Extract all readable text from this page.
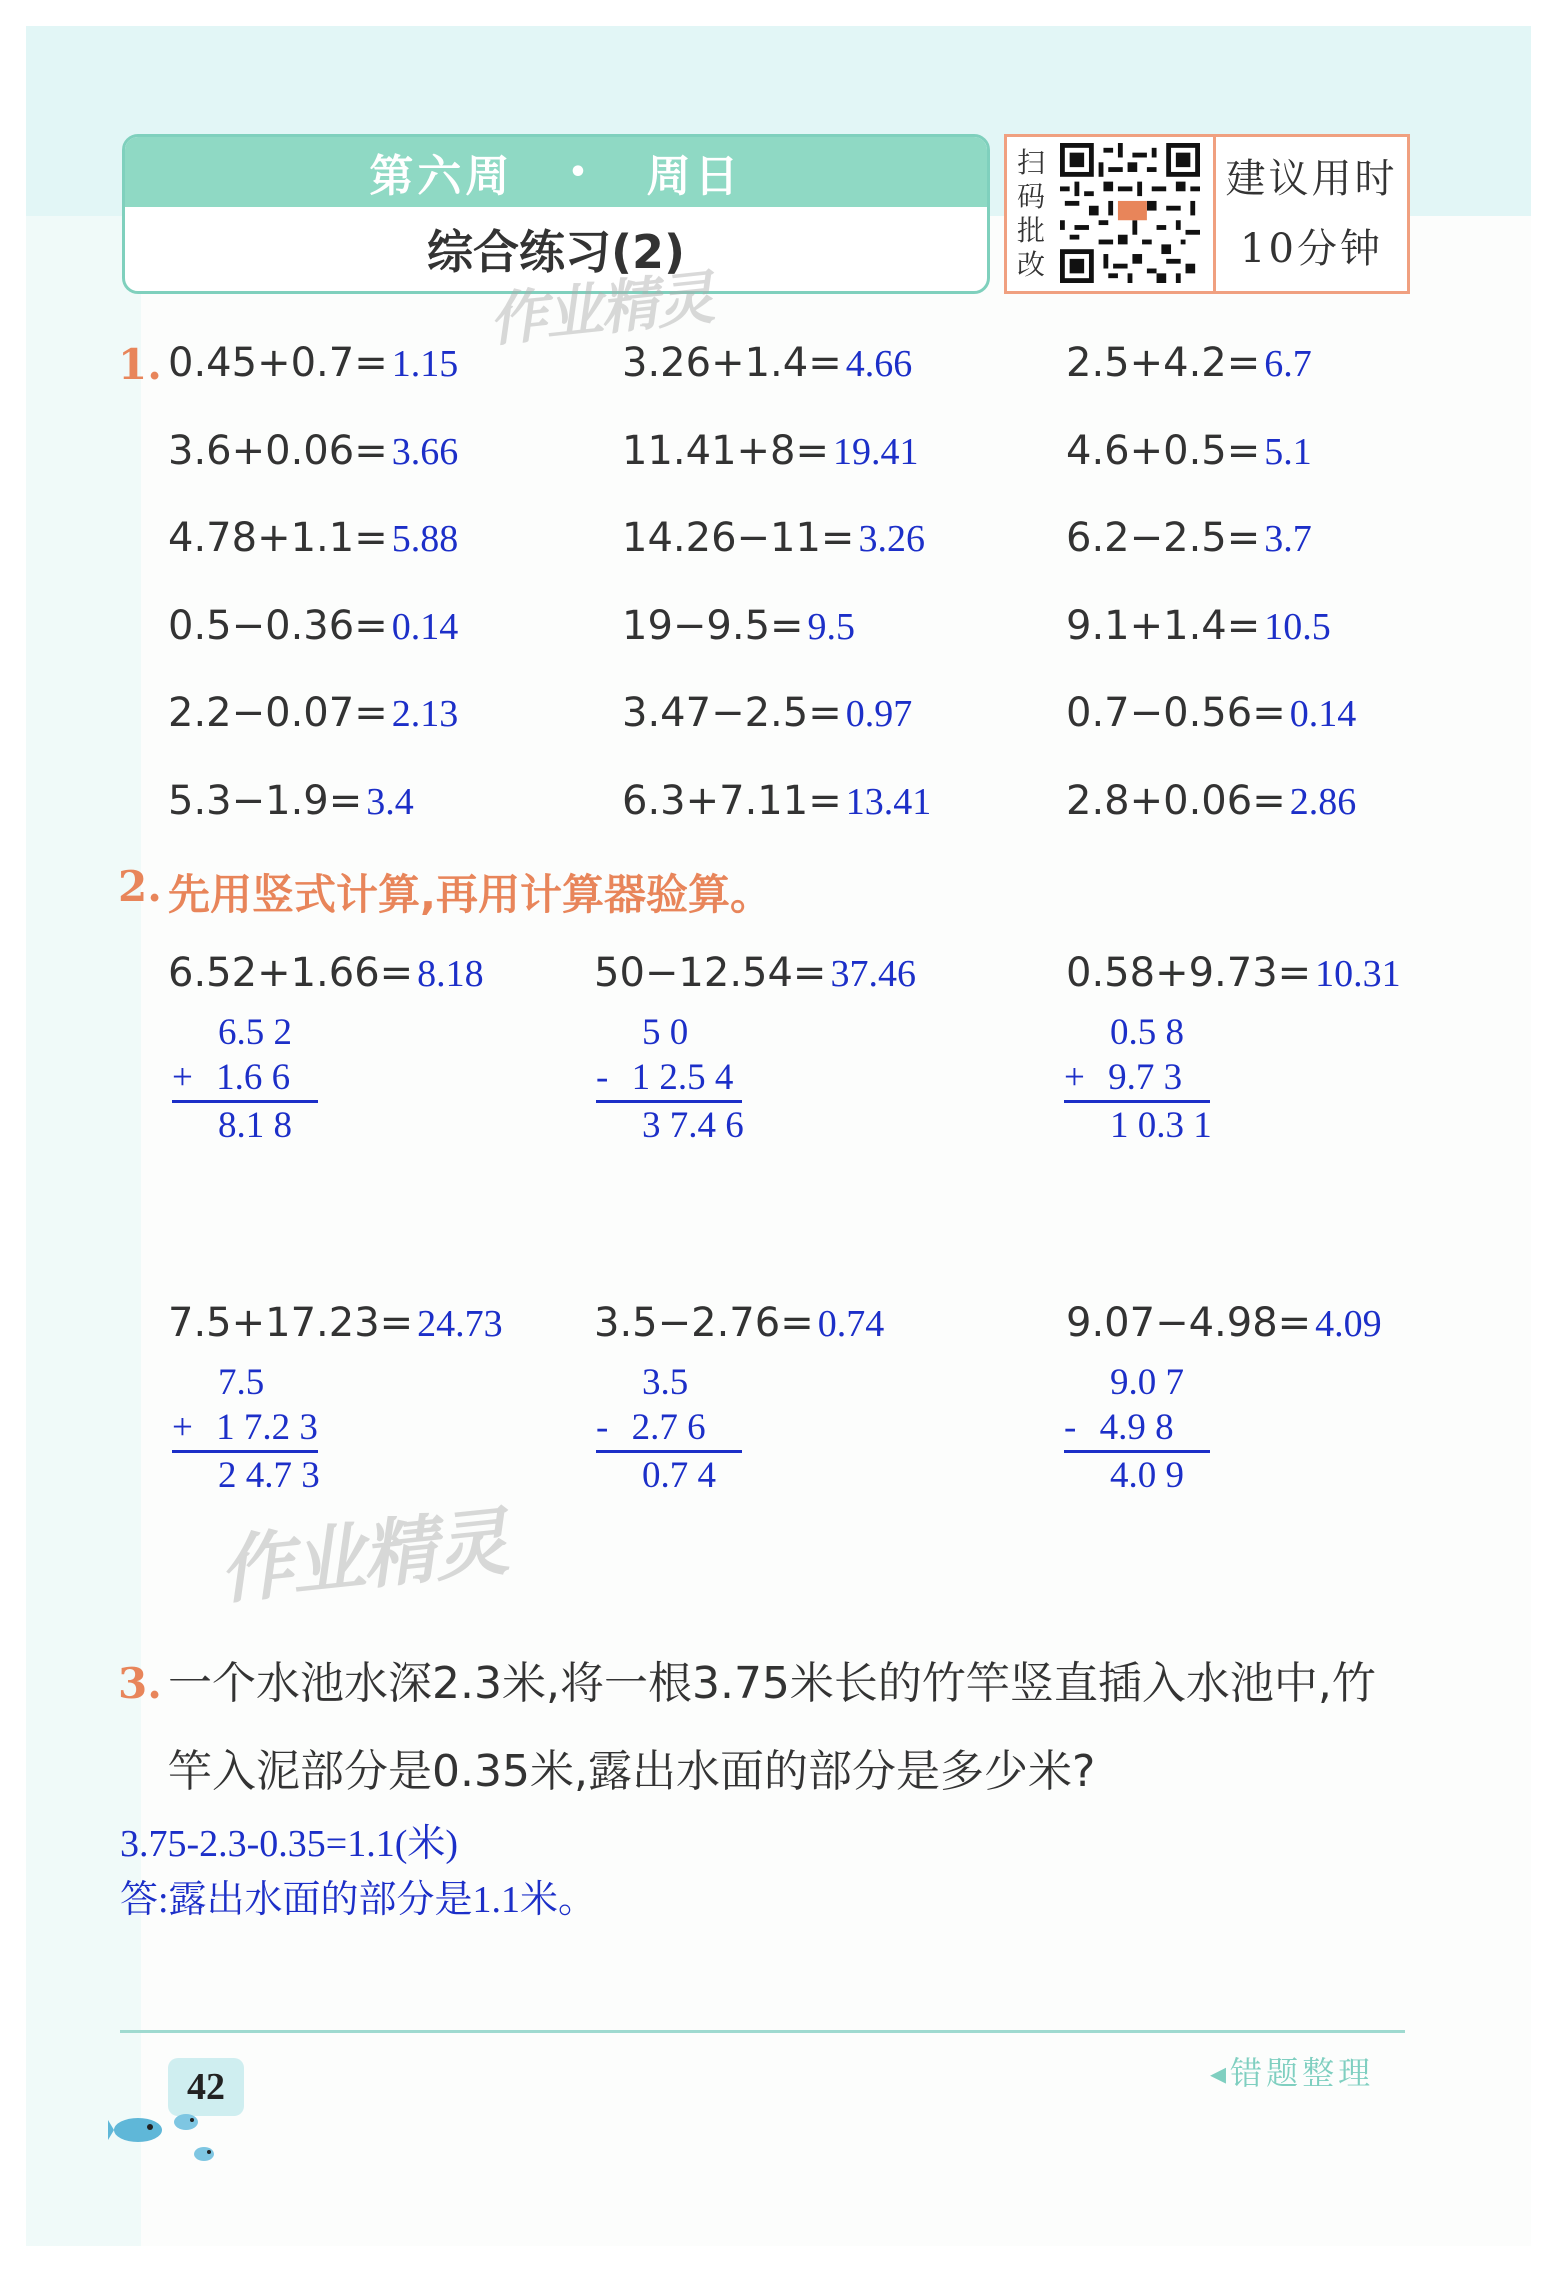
第六周 • 周日
综合练习(2)
扫
码
批
改
建议用时
10分钟
作业精灵
作业精灵
1. 0.45+0.7= 1.15	3.26+1.4= 4.66	2.5+4.2= 6.7
3.6+0.06= 3.66	11.41+8= 19.41	4.6+0.5= 5.1
4.78+1.1= 5.88	14.26−11= 3.26	6.2−2.5= 3.7
0.5−0.36= 0.14	19−9.5= 9.5	9.1+1.4= 10.5
2.2−0.07= 2.13	3.47−2.5= 0.97	0.7−0.56= 0.14
5.3−1.9= 3.4	6.3+7.11= 13.41	2.8+0.06= 2.86
2. 先用竖式计算,再用计算器验算。
6.52+1.66= 8.18
6.5 2
+ 1.6 6
8.1 8
50−12.54= 37.46
5 0
- 1 2.5 4
3 7.4 6
0.58+9.73= 10.31
0.5 8
+ 9.7 3
1 0.3 1
7.5+17.23= 24.73
7.5
+ 1 7.2 3
2 4.7 3
3.5−2.76= 0.74
3.5
- 2.7 6
0.7 4
9.07−4.98= 4.09
9.0 7
- 4.9 8
4.0 9
3. 一个水池水深2.3米,将一根3.75米长的竹竿竖直插入水池中,竹竿入泥部分是0.35米,露出水面的部分是多少米?
3.75-2.3-0.35=1.1(米)
答:露出水面的部分是1.1米。
42	◂错题整理
